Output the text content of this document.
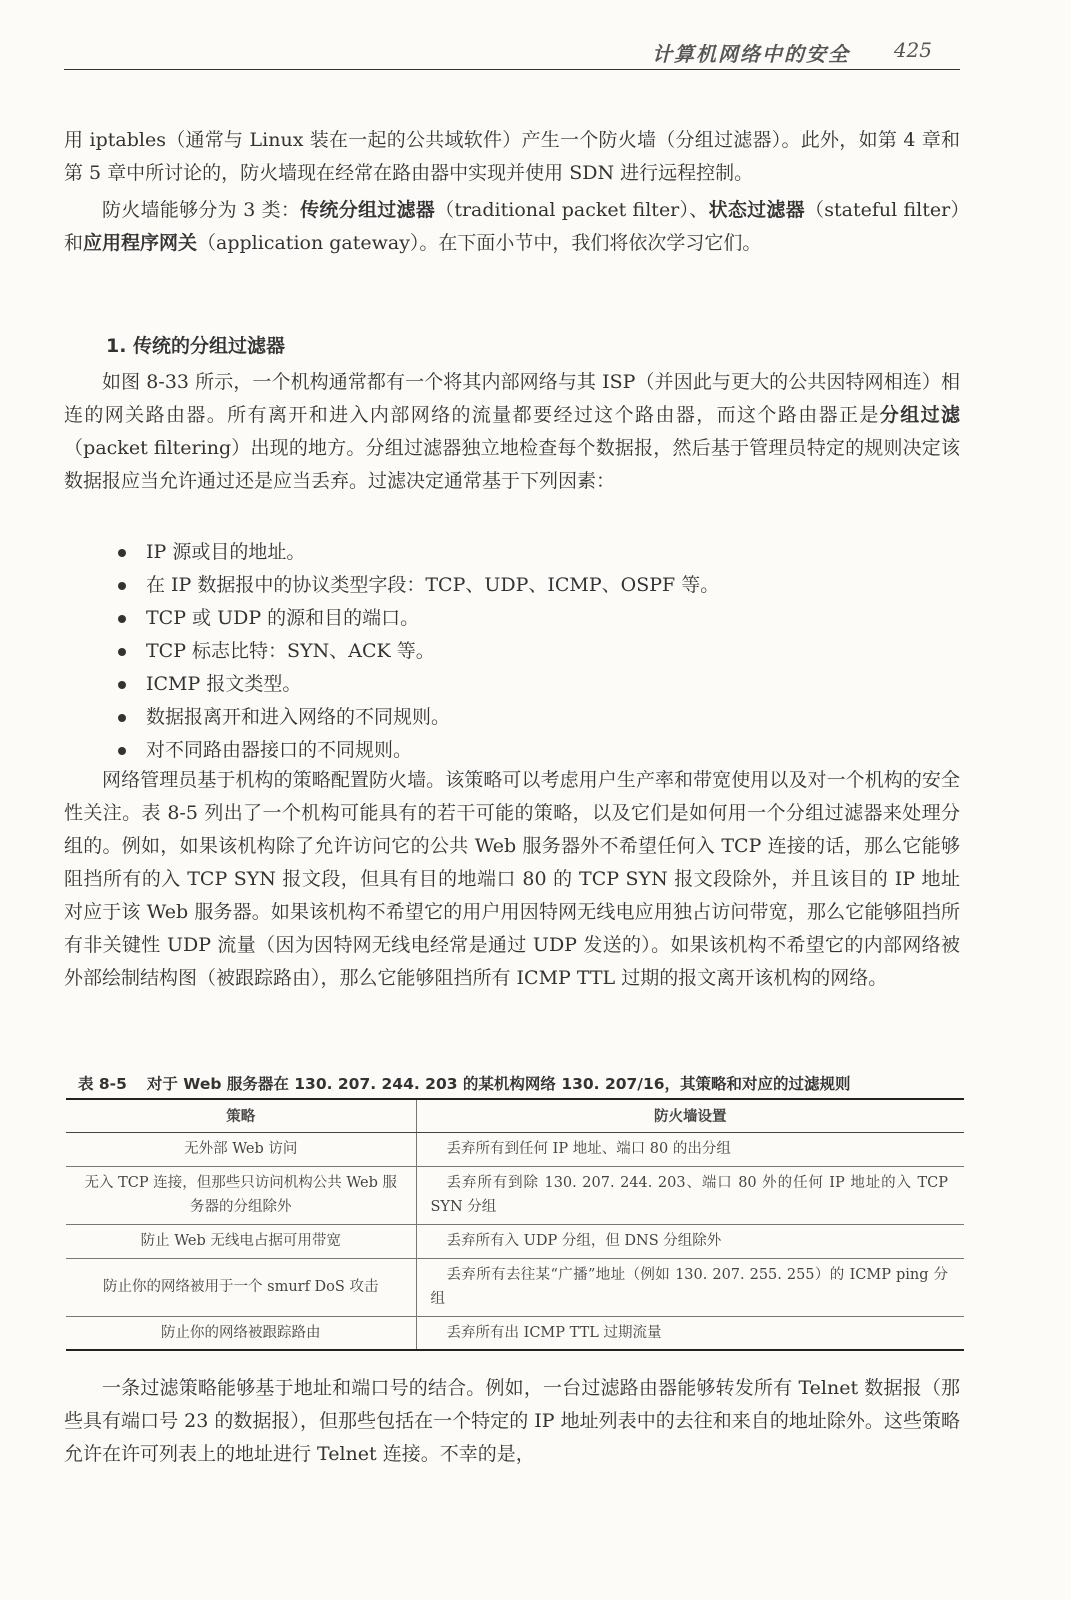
计算机网络中的安全 425

用 iptables（通常与 Linux 装在一起的公共域软件）产生一个防火墙（分组过滤器）。此外，如第 4 章和第 5 章中所讨论的，防火墙现在经常在路由器中实现并使用 SDN 进行远程控制。

防火墙能够分为 3 类：传统分组过滤器（traditional packet filter）、状态过滤器（stateful filter）和应用程序网关（application gateway）。在下面小节中，我们将依次学习它们。

1. 传统的分组过滤器

如图 8-33 所示，一个机构通常都有一个将其内部网络与其 ISP（并因此与更大的公共因特网相连）相连的网关路由器。所有离开和进入内部网络的流量都要经过这个路由器，而这个路由器正是分组过滤（packet filtering）出现的地方。分组过滤器独立地检查每个数据报，然后基于管理员特定的规则决定该数据报应当允许通过还是应当丢弃。过滤决定通常基于下列因素：

IP 源或目的地址。
在 IP 数据报中的协议类型字段：TCP、UDP、ICMP、OSPF 等。
TCP 或 UDP 的源和目的端口。
TCP 标志比特：SYN、ACK 等。
ICMP 报文类型。
数据报离开和进入网络的不同规则。
对不同路由器接口的不同规则。

网络管理员基于机构的策略配置防火墙。该策略可以考虑用户生产率和带宽使用以及对一个机构的安全性关注。表 8-5 列出了一个机构可能具有的若干可能的策略，以及它们是如何用一个分组过滤器来处理分组的。例如，如果该机构除了允许访问它的公共 Web 服务器外不希望任何入 TCP 连接的话，那么它能够阻挡所有的入 TCP SYN 报文段，但具有目的地端口 80 的 TCP SYN 报文段除外，并且该目的 IP 地址对应于该 Web 服务器。如果该机构不希望它的用户用因特网无线电应用独占访问带宽，那么它能够阻挡所有非关键性 UDP 流量（因为因特网无线电经常是通过 UDP 发送的）。如果该机构不希望它的内部网络被外部绘制结构图（被跟踪路由），那么它能够阻挡所有 ICMP TTL 过期的报文离开该机构的网络。

表 8-5 对于 Web 服务器在 130. 207. 244. 203 的某机构网络 130. 207/16，其策略和对应的过滤规则
策略	防火墙设置
无外部 Web 访问	丢弃所有到任何 IP 地址、端口 80 的出分组
无入 TCP 连接，但那些只访问机构公共 Web 服务器的分组除外	丢弃所有到除 130. 207. 244. 203、端口 80 外的任何 IP 地址的入 TCP SYN 分组
防止 Web 无线电占据可用带宽	丢弃所有入 UDP 分组，但 DNS 分组除外
防止你的网络被用于一个 smurf DoS 攻击	丢弃所有去往某“广播”地址（例如 130. 207. 255. 255）的 ICMP ping 分组
防止你的网络被跟踪路由	丢弃所有出 ICMP TTL 过期流量

一条过滤策略能够基于地址和端口号的结合。例如，一台过滤路由器能够转发所有 Telnet 数据报（那些具有端口号 23 的数据报），但那些包括在一个特定的 IP 地址列表中的去往和来自的地址除外。这些策略允许在许可列表上的地址进行 Telnet 连接。不幸的是，
